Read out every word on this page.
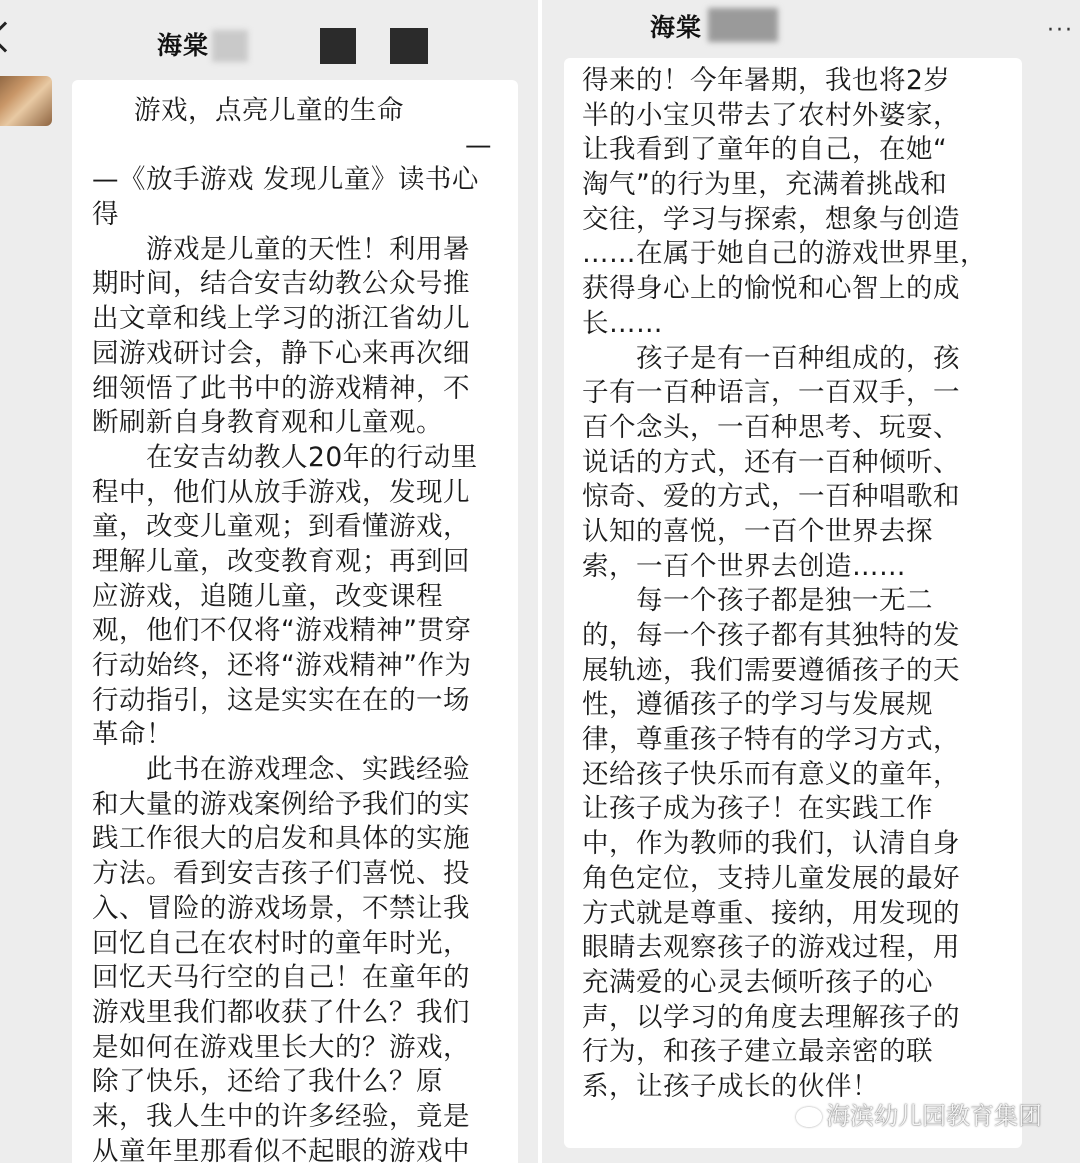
海棠
游戏，点亮儿童的生命
—
—《放手游戏 发现儿童》读书心
得
　　游戏是儿童的天性！利用暑
期时间，结合安吉幼教公众号推
出文章和线上学习的浙江省幼儿
园游戏研讨会，静下心来再次细
细领悟了此书中的游戏精神，不
断刷新自身教育观和儿童观。
　　在安吉幼教人20年的行动里
程中，他们从放手游戏，发现儿
童，改变儿童观；到看懂游戏，
理解儿童，改变教育观；再到回
应游戏，追随儿童，改变课程
观，他们不仅将“游戏精神”贯穿
行动始终，还将“游戏精神”作为
行动指引，这是实实在在的一场
革命！
　　此书在游戏理念、实践经验
和大量的游戏案例给予我们的实
践工作很大的启发和具体的实施
方法。看到安吉孩子们喜悦、投
入、冒险的游戏场景，不禁让我
回忆自己在农村时的童年时光，
回忆天马行空的自己！在童年的
游戏里我们都收获了什么？我们
是如何在游戏里长大的？游戏，
除了快乐，还给了我什么？原
来，我人生中的许多经验，竟是
从童年里那看似不起眼的游戏中
海棠	···
得来的！今年暑期，我也将2岁
半的小宝贝带去了农村外婆家，
让我看到了童年的自己，在她“
淘气”的行为里，充满着挑战和
交往，学习与探索，想象与创造
……在属于她自己的游戏世界里，
获得身心上的愉悦和心智上的成
长……
　　孩子是有一百种组成的，孩
子有一百种语言，一百双手，一
百个念头，一百种思考、玩耍、
说话的方式，还有一百种倾听、
惊奇、爱的方式，一百种唱歌和
认知的喜悦，一百个世界去探
索，一百个世界去创造……
　　每一个孩子都是独一无二
的，每一个孩子都有其独特的发
展轨迹，我们需要遵循孩子的天
性，遵循孩子的学习与发展规
律，尊重孩子特有的学习方式，
还给孩子快乐而有意义的童年，
让孩子成为孩子！在实践工作
中，作为教师的我们，认清自身
角色定位，支持儿童发展的最好
方式就是尊重、接纳，用发现的
眼睛去观察孩子的游戏过程，用
充满爱的心灵去倾听孩子的心
声，以学习的角度去理解孩子的
行为，和孩子建立最亲密的联
系，让孩子成长的伙伴！
海滨幼儿园教育集团
